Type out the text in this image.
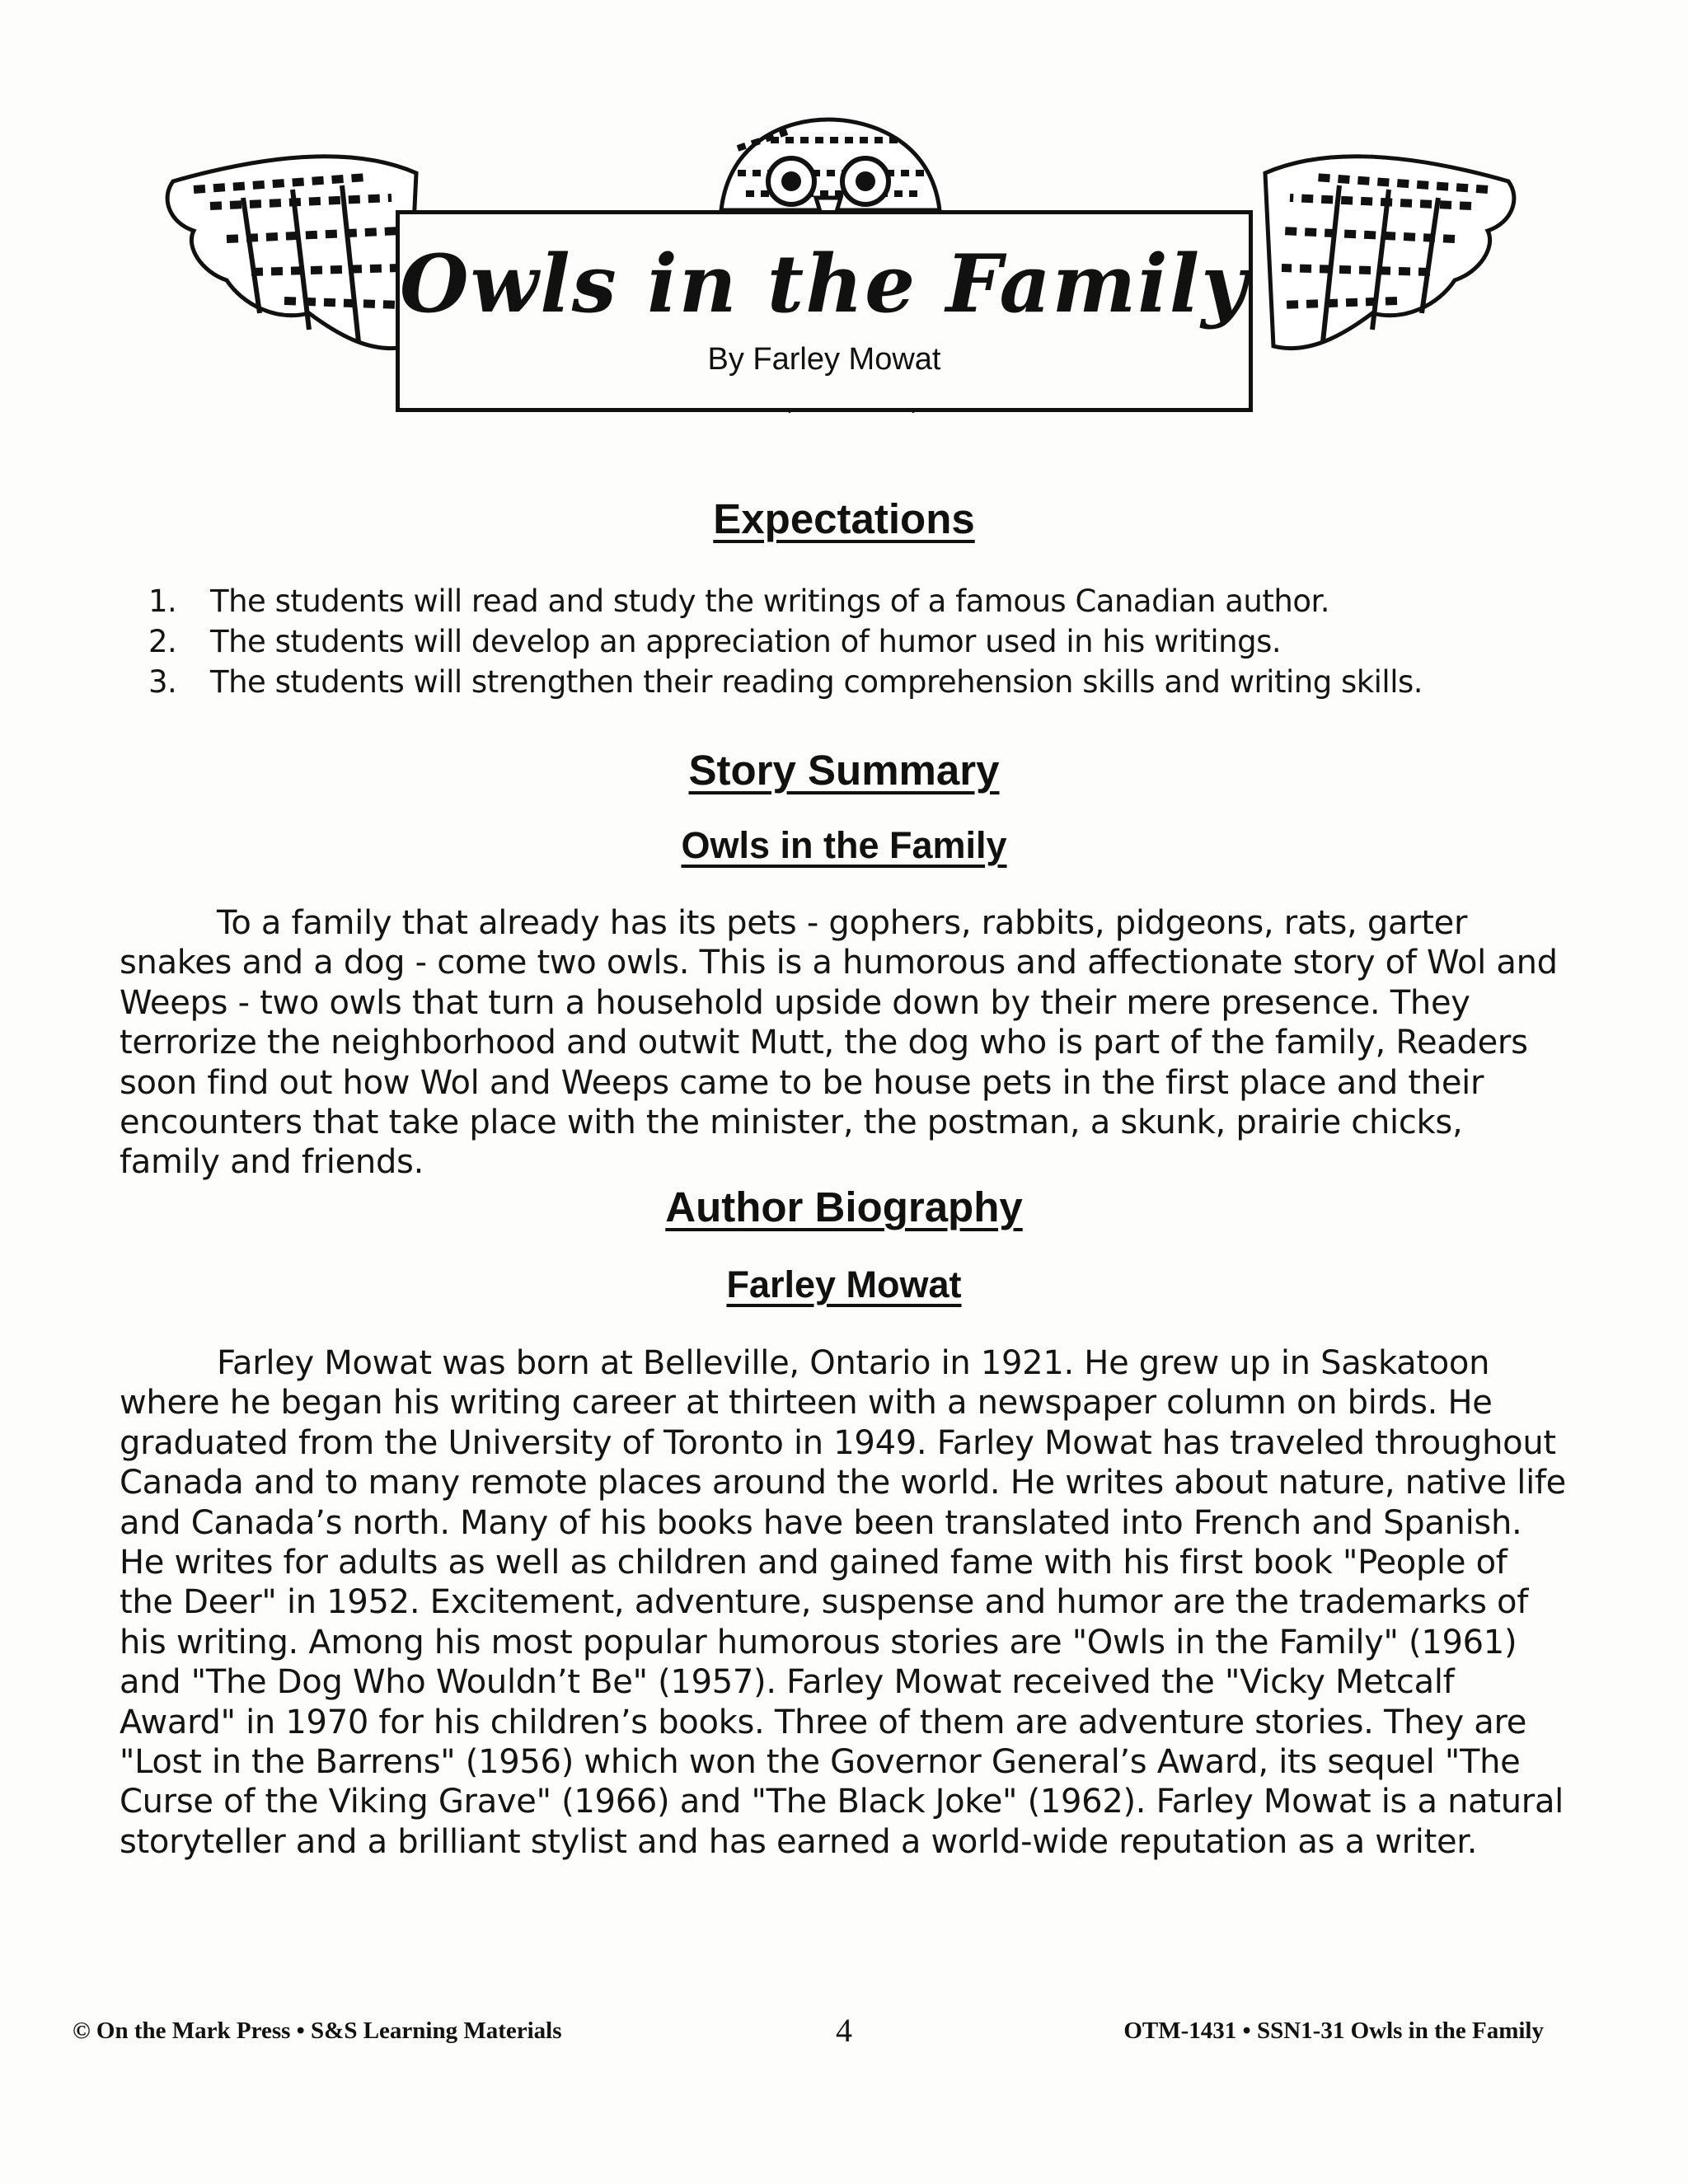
Owls in the Family
By Farley Mowat
Expectations
1.	The students will read and study the writings of a famous Canadian author.
2.	The students will develop an appreciation of humor used in his writings.
3.	The students will strengthen their reading comprehension skills and writing skills.
Story Summary
Owls in the Family

To a family that already has its pets - gophers, rabbits, pidgeons, rats, garter snakes and a dog - come two owls. This is a humorous and affectionate story of Wol and Weeps - two owls that turn a household upside down by their mere presence. They terrorize the neighborhood and outwit Mutt, the dog who is part of the family, Readers soon find out how Wol and Weeps came to be house pets in the first place and their encounters that take place with the minister, the postman, a skunk, prairie chicks, family and friends.

Author Biography
Farley Mowat

Farley Mowat was born at Belleville, Ontario in 1921. He grew up in Saskatoon where he began his writing career at thirteen with a newspaper column on birds. He graduated from the University of Toronto in 1949. Farley Mowat has traveled throughout Canada and to many remote places around the world. He writes about nature, native life and Canada’s north. Many of his books have been translated into French and Spanish. He writes for adults as well as children and gained fame with his first book "People of the Deer" in 1952. Excitement, adventure, suspense and humor are the trademarks of his writing. Among his most popular humorous stories are "Owls in the Family" (1961) and "The Dog Who Wouldn’t Be" (1957). Farley Mowat received the "Vicky Metcalf Award" in 1970 for his children’s books. Three of them are adventure stories. They are "Lost in the Barrens" (1956) which won the Governor General’s Award, its sequel "The Curse of the Viking Grave" (1966) and "The Black Joke" (1962). Farley Mowat is a natural storyteller and a brilliant stylist and has earned a world-wide reputation as a writer.

© On the Mark Press • S&S Learning Materials	4	OTM-1431 • SSN1-31 Owls in the Family
